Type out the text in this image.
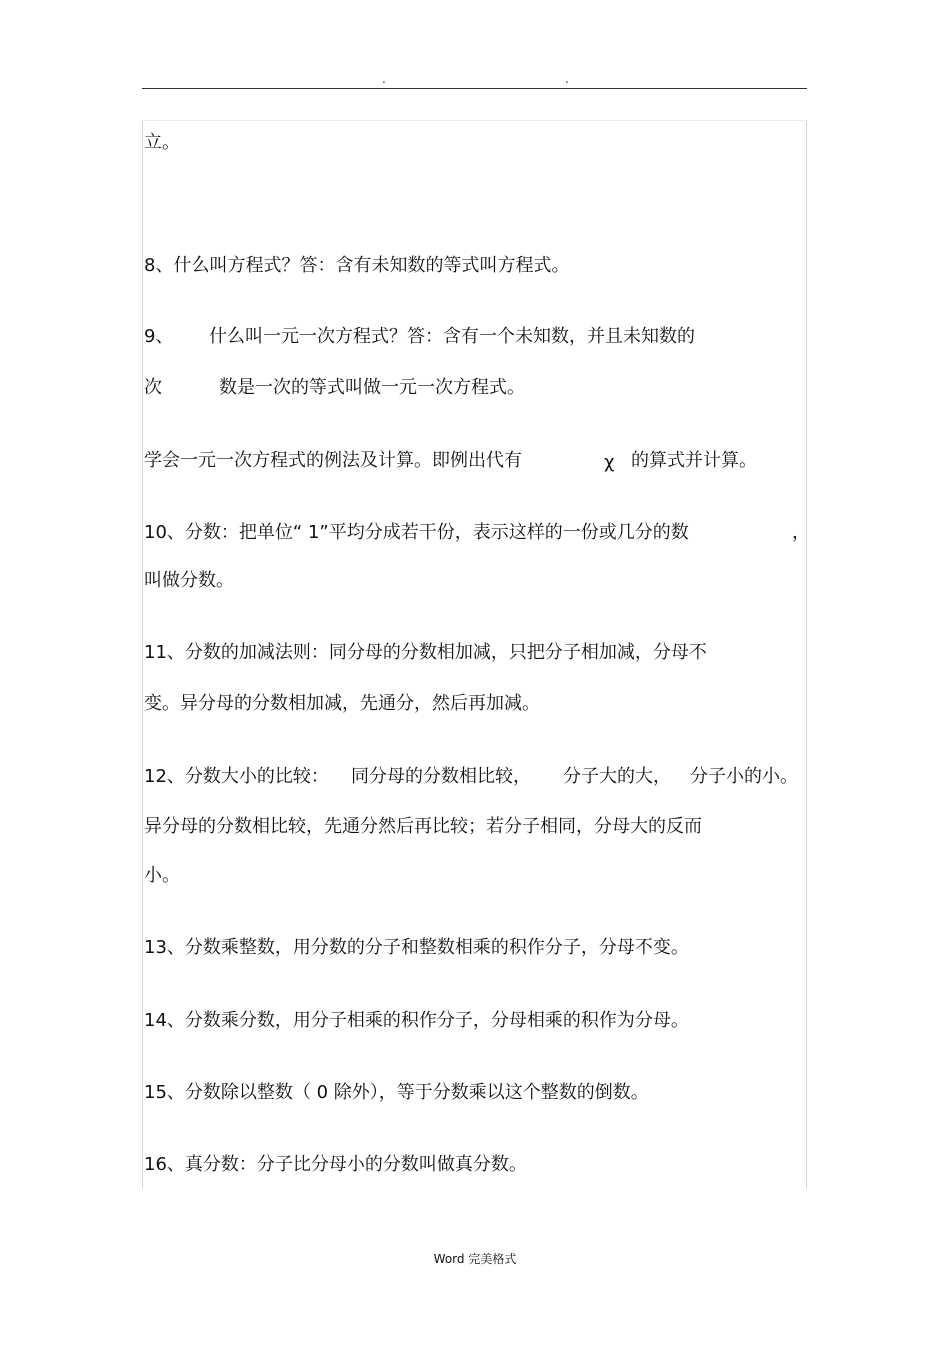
.	.
立。
8、什么叫方程式？答：含有未知数的等式叫方程式。
9、 什么叫一元一次方程式？答：含有一个未知数，并且未知数的
次	数是一次的等式叫做一元一次方程式。
学会一元一次方程式的例法及计算。即例出代有	χ 的算式并计算。
10、分数：把单位“ 1”平均分成若干份，表示这样的一份或几分的数	，
叫做分数。
11、分数的加减法则：同分母的分数相加减，只把分子相加减，分母不
变。异分母的分数相加减，先通分，然后再加减。
12、分数大小的比较： 同分母的分数相比较， 分子大的大， 分子小的小。
异分母的分数相比较，先通分然后再比较；若分子相同，分母大的反而
小。
13、分数乘整数，用分数的分子和整数相乘的积作分子，分母不变。
14、分数乘分数，用分子相乘的积作分子，分母相乘的积作为分母。
15、分数除以整数（ 0 除外），等于分数乘以这个整数的倒数。
16、真分数：分子比分母小的分数叫做真分数。
Word 完美格式
